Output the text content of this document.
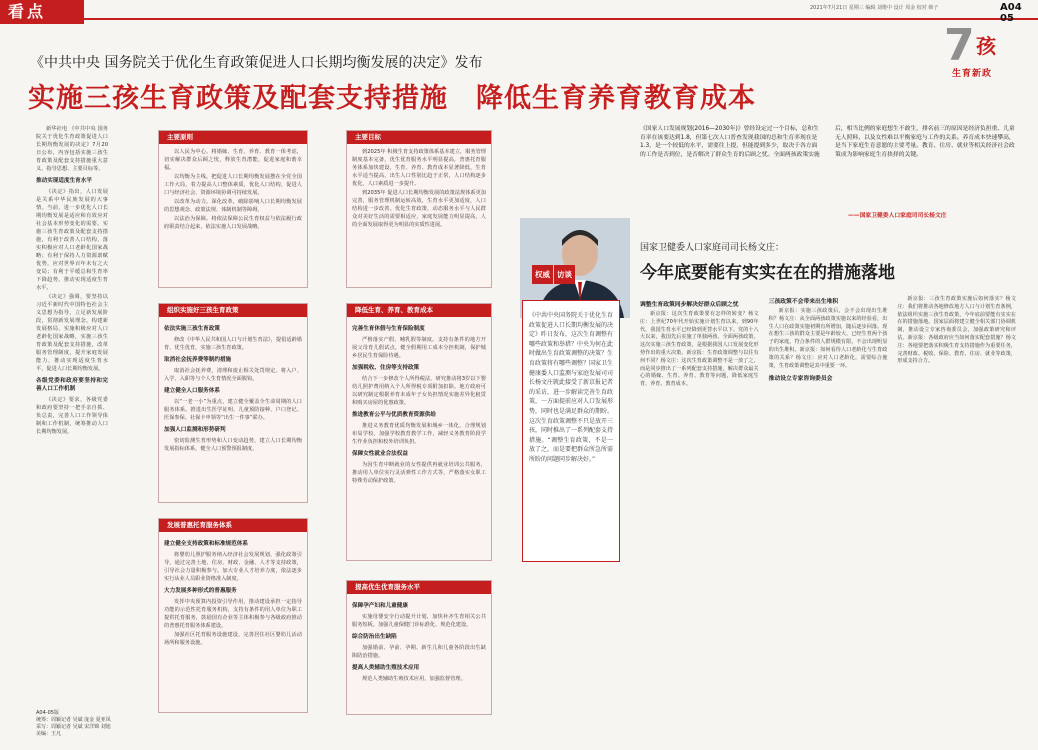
看点	2021年7月21日 星期三 编辑 刘维中 设计 周金 校对 韩子	A04 05
《中共中央 国务院关于优化生育政策促进人口长期均衡发展的决定》发布
实施三孩生育政策及配套支持措施　降低生育养育教育成本
7 孩
生育新政

新华社电 《中共中央 国务院关于优化生育政策促进人口长期均衡发展的决定》7月20日公布，内容包括实施三孩生育政策及配套支持措施重大意义、指导思想、主要目标等。

推动实现适度生育水平

《决定》指出，人口发展是关系中华民族发展的大事情。当前，进一步优化人口长期均衡发展是适应和有效应对社会基本形势变化的需要。实施三孩生育政策及配套支持措施，有利于改善人口结构、落实积极应对人口老龄化国家战略；有利于保持人力资源禀赋优势，应对世界百年未有之大变局；有利于平缓总和生育率下降趋势，推动实现适度生育水平。

《决定》强调，要坚持以习近平新时代中国特色社会主义思想为指导，立足新发展阶段，贯彻新发展理念，构建新发展格局，实施积极应对人口老龄化国家战略，实施三孩生育政策及配套支持措施，改革服务管理制度，提升家庭发展能力，推动实现适度生育水平，促进人口长期均衡发展。

各级党委和政府要坚持和完善人口工作机制

《决定》要求，各级党委和政府要坚持一把手亲自抓、负总责，完善人口工作领导体制和工作机制，统筹推动人口长期均衡发展。

A04-05版
统筹：周颖记者 吴斌 庞金 夏亚凤
采写：周颖记者 吴斌 宋洋锦 刘旭
美编：王凡
主要原则

以人民为中心。将婚嫁、生育、养育、教育一体考虑，切实解决群众后顾之忧，释放生育潜能，促进家庭和谐幸福。

以均衡为主线。把促进人口长期均衡发展摆在全党全国工作大局，着力提高人口整体素质，优化人口结构，促进人口与经济社会、资源环境协调可持续发展。

以改革为动力。深化改革，破除影响人口长期均衡发展的思想观念、政策法规、体制机制等障碍。

以法治为保障。将依法保障公民生育权益与依法履行政府职责结合起来，依法实施人口发展战略。

主要目标

到2025年 积极生育支持政策体系基本建立，服务管理制度基本完备，优生优育服务水平明显提高，普惠托育服务体系加快建设，生育、养育、教育成本显著降低，生育水平适当提高，出生人口性别比趋于正常，人口结构逐步优化，人口素质进一步提升。

到2035年 促进人口长期均衡发展的政策法规体系更加完善，服务管理机制运转高效，生育水平更加适度，人口结构进一步改善。优化生育政策，动态服务水平与人民群众对美好生活的需要相适应，家庭发展能力明显提高，人的全面发展取得更为明显的实质性进展。

组织实施好三孩生育政策
依法实施三孩生育政策

修改《中华人民共和国人口与计划生育法》，提倡适龄婚育、优生优育，实施三孩生育政策。

取消社会抚养费等制约措施

取消社会抚养费，清理和废止相关处罚规定。将入户、入学、入职等与个人生育情况全面脱钩。

建立健全人口服务体系

以“一老一小”为重点，建立健全覆盖全生命周期的人口服务体系。推进出生医学证明、儿童预防接种、户口登记、医保参保、社保卡申领等“出生一件事”联办。

加强人口监测和形势研判

密切监测生育形势和人口变动趋势，建立人口长期均衡发展指标体系，健全人口预警预报制度。

降低生育、养育、教育成本
完善生育休假与生育保险制度

严格落实产假、哺乳假等制度。支持有条件的地方开展父母育儿假试点。健全假期用工成本分担机制，保护城乡居民生育保险待遇。

加强税收、住房等支持政策

结合下一步修改个人所得税法，研究推动将3岁以下婴幼儿照护费用纳入个人所得税专项附加扣除。地方政府可以研究制定根据养育未成年子女负担情况实施差异化租赁和购买房屋的优惠政策。

推进教育公平与优质教育资源供给

推进义务教育优质均衡发展和城乡一体化，合理规划布局学校，加强学校教育教学工作，减轻义务教育阶段学生作业负担和校外培训负担。

保障女性就业合法权益

为因生育中断就业的女性提供再就业培训公共服务，推动用人单位实行灵活弹性工作方式等，严格落实女职工特殊劳动保护政策。

发展普惠托育服务体系
建立健全支持政策和标准规范体系

将婴幼儿照护服务纳入经济社会发展规划，强化政策引导，通过完善土地、住房、财政、金融、人才等支持政策，引导社会力量积极参与。加大专业人才培养力度，依法逐步实行从业人员职业资格准入制度。

大力发展多种形式的普惠服务

发挥中央预算内投资引导作用，推动建设承担一定指导功能的示范性托育服务机构，支持有条件的用人单位为职工提供托育服务，鼓励国有企业等主体积极参与各级政府推动的普惠托育服务体系建设。

加强社区托育服务设施建设，完善居住社区婴幼儿活动场所和服务设施。

提高优生优育服务水平
保障孕产妇和儿童健康

实施母婴安全行动提升计划，加快补齐生育相关公共服务短板。加强儿童保健门诊标准化、规范化建设。

综合防治出生缺陷

加强婚前、孕前、孕期、新生儿和儿童各阶段出生缺陷防治措施。

提高人类辅助生殖技术应用

规范人类辅助生殖技术应用，加强监督管理。

《国家人口发展规划(2016—2030年)》曾经设定过一个目标，总和生育率在该要达到1.8，但第七次人口普查发现我国的总和生育率现在是1.3，是一个较低的水平，需要往上提，但能提到多少，取决于各方面的工作是否到位，是否解决了群众生育的后顾之忧。全面两孩政策实施后，相当比例的家庭想生不敢生，排名前三的原因是经济负担重、儿童无人照料、以及女性难以平衡家庭与工作的关系。养育成本快速攀高，是当下家庭生育意愿的主要考量。教育、住房、就业等相关经济社会政策成为影响家庭生育抉择的关键。
——国家卫健委人口家庭司司长杨文庄
权威 访谈
《中共中央国务院关于优化生育政策促进人口长期均衡发展的决定》昨日发布，这次生育调整有哪些政策和举措？中央为何在此时做出生育政策调整的决策？生育政策将有哪些调整？国家卫生健康委人口监测与家庭发展司司长杨文庄就此接受了新京报记者的采访，进一步解读完善生育政策，一方面提前应对人口发展形势，同时也是满足群众的期盼。这次生育政策调整不只是放开三孩，同时推出了一系列配套支持措施。“调整生育政策，不是一放了之，而是要把群众所急所需所盼的问题同步解决好。”
国家卫健委人口家庭司司长杨文庄：
今年底要能有实实在在的措施落地
调整生育政策同步解决好群众后顾之忧

新京报：这次生育政策要有怎样的转变？杨文庄：上世纪70年代开始实施计划生育以来，到90年代，我国生育水平已经降到更替水平以下。党的十八大以来，我国先后实施了单独两孩、全面两孩政策，这次实施三孩生育政策，是根据我国人口发展变化形势作出的重大决策。新京报：生育政策调整与以往有何不同？杨文庄：这次生育政策调整不是一放了之，而是同步推出了一系列配套支持措施，解决群众最关心的婚嫁、生育、养育、教育等问题，降低家庭生育、养育、教育成本。

三孩政策不会带来出生堆积

新京报：实施三孩政策后，会不会出现出生堆积？杨文庄：从全面两孩政策实施以来的经验看，出生人口在政策实施初期有所增加，随后逐步回落。现在想生三孩的群众主要是年龄较大、已经生育两个孩子的家庭，符合条件的人群规模有限，不会出现明显的出生堆积。新京报：如何看待人口老龄化与生育政策的关系？杨文庄：应对人口老龄化，需要综合施策，生育政策调整是其中重要一环。

推动设立专家咨询委员会

新京报：三孩生育政策实施后如何落实？杨文庄：我们将推动各地修改地方人口与计划生育条例，依法组织实施三孩生育政策，今年底前要能有实实在在的措施落地。国家层面将建立健全相关部门协调机制，推动设立专家咨询委员会，加强政策研究和评估。新京报：各级政府应当如何落实配套措施？杨文庄：各地要把落实积极生育支持措施作为重要任务，完善财政、税收、保险、教育、住房、就业等政策，形成支持合力。
